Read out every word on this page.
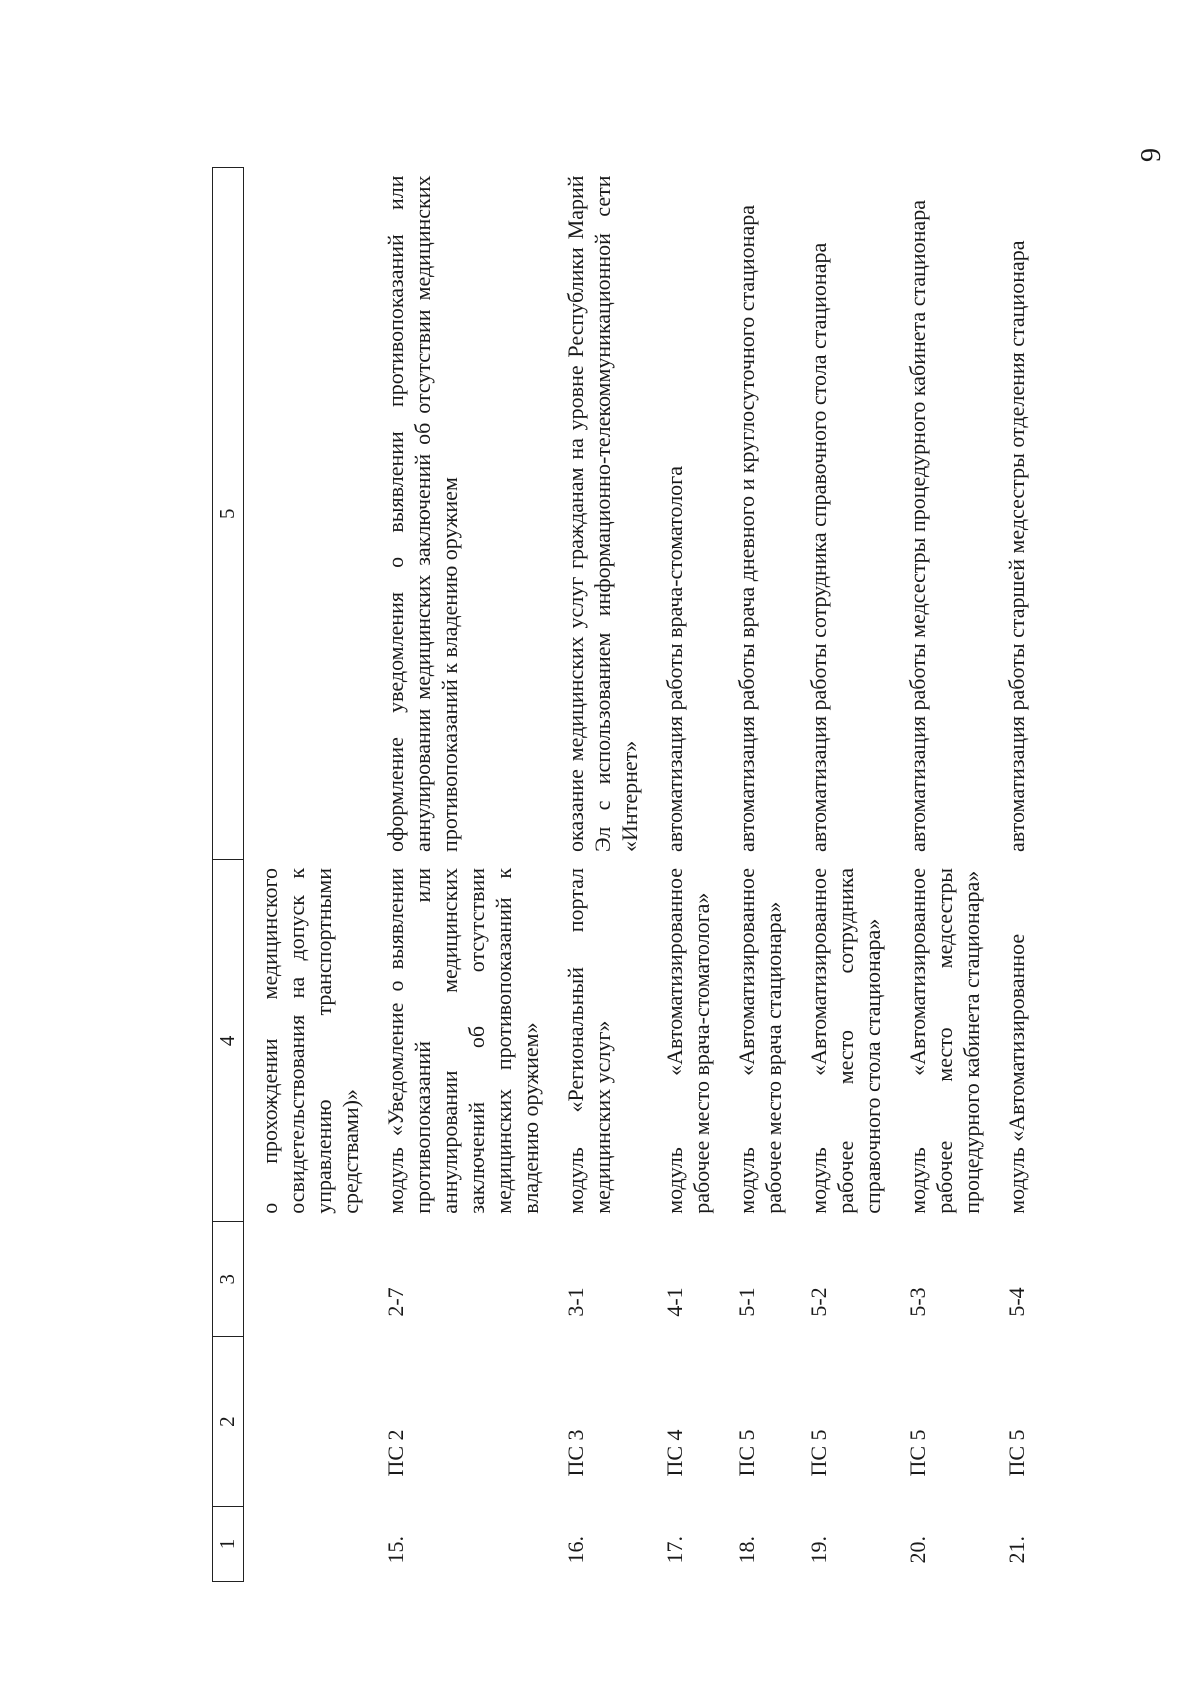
9
1	2	3	4	5
			о прохождении медицинского освидетельствования на допуск к управлению транспортными средствами)»	
15.	ПС 2	2-7	модуль «Уведомление о выявлении противопоказаний или аннулировании медицинских заключений об отсутствии медицинских противопоказаний к владению оружием»	оформление уведомления о выявлении противопоказаний или аннулировании медицинских заключений об отсутствии медицинских противопоказаний к владению оружием
16.	ПС 3	3-1	модуль «Региональный портал медицинских услуг»	оказание медицинских услуг гражданам на уровне Республики Марий Эл с использованием информационно-телекоммуникационной сети «Интернет»
17.	ПС 4	4-1	модуль «Автоматизированное рабочее место врача-стоматолога»	автоматизация работы врача-стоматолога
18.	ПС 5	5-1	модуль «Автоматизированное рабочее место врача стационара»	автоматизация работы врача дневного и круглосуточного стационара
19.	ПС 5	5-2	модуль «Автоматизированное рабочее место сотрудника справочного стола стационара»	автоматизация работы сотрудника справочного стола стационара
20.	ПС 5	5-3	модуль «Автоматизированное рабочее место медсестры процедурного кабинета стационара»	автоматизация работы медсестры процедурного кабинета стационара
21.	ПС 5	5-4	модуль «Автоматизированное	автоматизация работы старшей медсестры отделения стационара
